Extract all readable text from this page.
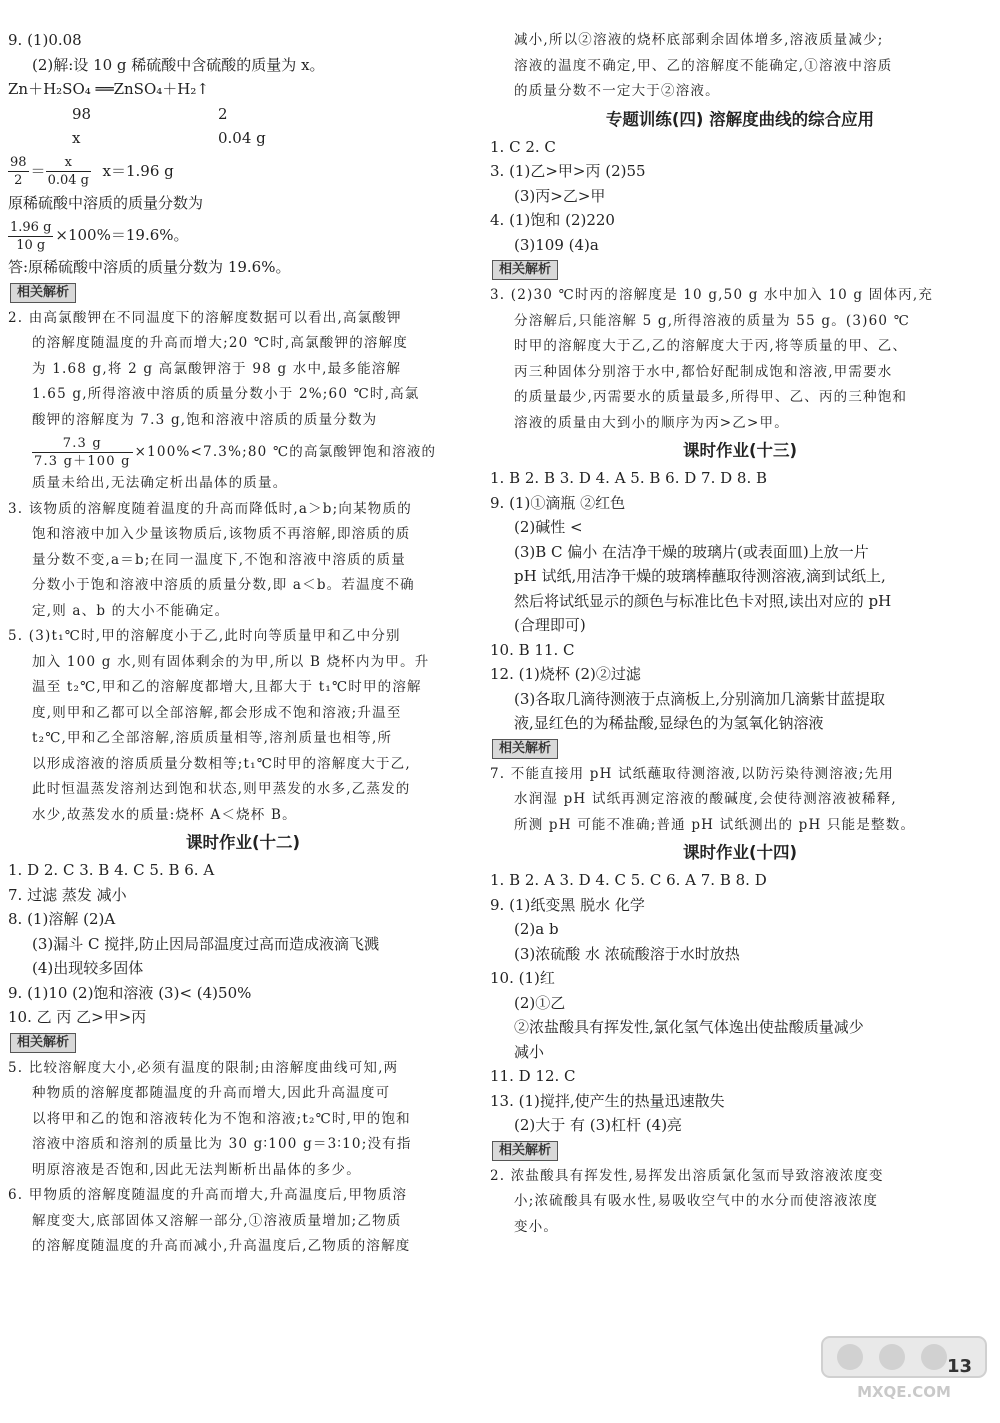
9. (1)0.08
(2)解:设 10 g 稀硫酸中含硫酸的质量为 x。
Zn＋H₂SO₄ ══ZnSO₄＋H₂↑
98	2
x	0.04 g
$\frac{98}{2} = \frac{x}{0.04 g} x=1.96$ g
原稀硫酸中溶质的质量分数为
$\frac{1.96 g}{10 g} \times 100\%=19.6\%$。
答:原稀硫酸中溶质的质量分数为 19.6%。
相关解析
2. 由高氯酸钾在不同温度下的溶解度数据可以看出,高氯酸钾
的溶解度随温度的升高而增大;20 ℃时,高氯酸钾的溶解度
为 1.68 g,将 2 g 高氯酸钾溶于 98 g 水中,最多能溶解
1.65 g,所得溶液中溶质的质量分数小于 2%;60 ℃时,高氯
酸钾的溶解度为 7.3 g,饱和溶液中溶质的质量分数为
$\frac{7.3 g}{7.3 g+100 g}$ ×100%<7.3%;80 ℃的高氯酸钾饱和溶液的
质量未给出,无法确定析出晶体的质量。
3. 该物质的溶解度随着温度的升高而降低时,a＞b;向某物质的
饱和溶液中加入少量该物质后,该物质不再溶解,即溶质的质
量分数不变,a＝b;在同一温度下,不饱和溶液中溶质的质量
分数小于饱和溶液中溶质的质量分数,即 a＜b。若温度不确
定,则 a、b 的大小不能确定。
5. (3)t₁℃时,甲的溶解度小于乙,此时向等质量甲和乙中分别
加入 100 g 水,则有固体剩余的为甲,所以 B 烧杯内为甲。升
温至 t₂℃,甲和乙的溶解度都增大,且都大于 t₁℃时甲的溶解
度,则甲和乙都可以全部溶解,都会形成不饱和溶液;升温至
t₂℃,甲和乙全部溶解,溶质质量相等,溶剂质量也相等,所
以形成溶液的溶质质量分数相等;t₁℃时甲的溶解度大于乙,
此时恒温蒸发溶剂达到饱和状态,则甲蒸发的水多,乙蒸发的
水少,故蒸发水的质量:烧杯 A＜烧杯 B。
课时作业(十二)
1. D 2. C 3. B 4. C 5. B 6. A
7. 过滤 蒸发 减小
8. (1)溶解 (2)A
(3)漏斗 C 搅拌,防止因局部温度过高而造成液滴飞溅
(4)出现较多固体
9. (1)10 (2)饱和溶液 (3)< (4)50%
10. 乙 丙 乙>甲>丙
相关解析
5. 比较溶解度大小,必须有温度的限制;由溶解度曲线可知,两
种物质的溶解度都随温度的升高而增大,因此升高温度可
以将甲和乙的饱和溶液转化为不饱和溶液;t₂℃时,甲的饱和
溶液中溶质和溶剂的质量比为 30 g∶100 g＝3∶10;没有指
明原溶液是否饱和,因此无法判断析出晶体的多少。
6. 甲物质的溶解度随温度的升高而增大,升高温度后,甲物质溶
解度变大,底部固体又溶解一部分,①溶液质量增加;乙物质
的溶解度随温度的升高而减小,升高温度后,乙物质的溶解度
减小,所以②溶液的烧杯底部剩余固体增多,溶液质量减少;
溶液的温度不确定,甲、乙的溶解度不能确定,①溶液中溶质
的质量分数不一定大于②溶液。
专题训练(四) 溶解度曲线的综合应用
1. C 2. C
3. (1)乙>甲>丙 (2)55
(3)丙>乙>甲
4. (1)饱和 (2)220
(3)109 (4)a
相关解析
3. (2)30 ℃时丙的溶解度是 10 g,50 g 水中加入 10 g 固体丙,充
分溶解后,只能溶解 5 g,所得溶液的质量为 55 g。(3)60 ℃
时甲的溶解度大于乙,乙的溶解度大于丙,将等质量的甲、乙、
丙三种固体分别溶于水中,都恰好配制成饱和溶液,甲需要水
的质量最少,丙需要水的质量最多,所得甲、乙、丙的三种饱和
溶液的质量由大到小的顺序为丙>乙>甲。
课时作业(十三)
1. B 2. B 3. D 4. A 5. B 6. D 7. D 8. B
9. (1)①滴瓶 ②红色
(2)碱性 <
(3)B C 偏小 在洁净干燥的玻璃片(或表面皿)上放一片
pH 试纸,用洁净干燥的玻璃棒蘸取待测溶液,滴到试纸上,
然后将试纸显示的颜色与标准比色卡对照,读出对应的 pH
(合理即可)
10. B 11. C
12. (1)烧杯 (2)②过滤
(3)各取几滴待测液于点滴板上,分别滴加几滴紫甘蓝提取
液,显红色的为稀盐酸,显绿色的为氢氧化钠溶液
相关解析
7. 不能直接用 pH 试纸蘸取待测溶液,以防污染待测溶液;先用
水润湿 pH 试纸再测定溶液的酸碱度,会使待测溶液被稀释,
所测 pH 可能不准确;普通 pH 试纸测出的 pH 只能是整数。
课时作业(十四)
1. B 2. A 3. D 4. C 5. C 6. A 7. B 8. D
9. (1)纸变黑 脱水 化学
(2)a b
(3)浓硫酸 水 浓硫酸溶于水时放热
10. (1)红
(2)①乙
②浓盐酸具有挥发性,氯化氢气体逸出使盐酸质量减少
减小
11. D 12. C
13. (1)搅拌,使产生的热量迅速散失
(2)大于 有 (3)杠杆 (4)亮
相关解析
2. 浓盐酸具有挥发性,易挥发出溶质氯化氢而导致溶液浓度变
小;浓硫酸具有吸水性,易吸收空气中的水分而使溶液浓度
变小。
MXQE.COM
13
